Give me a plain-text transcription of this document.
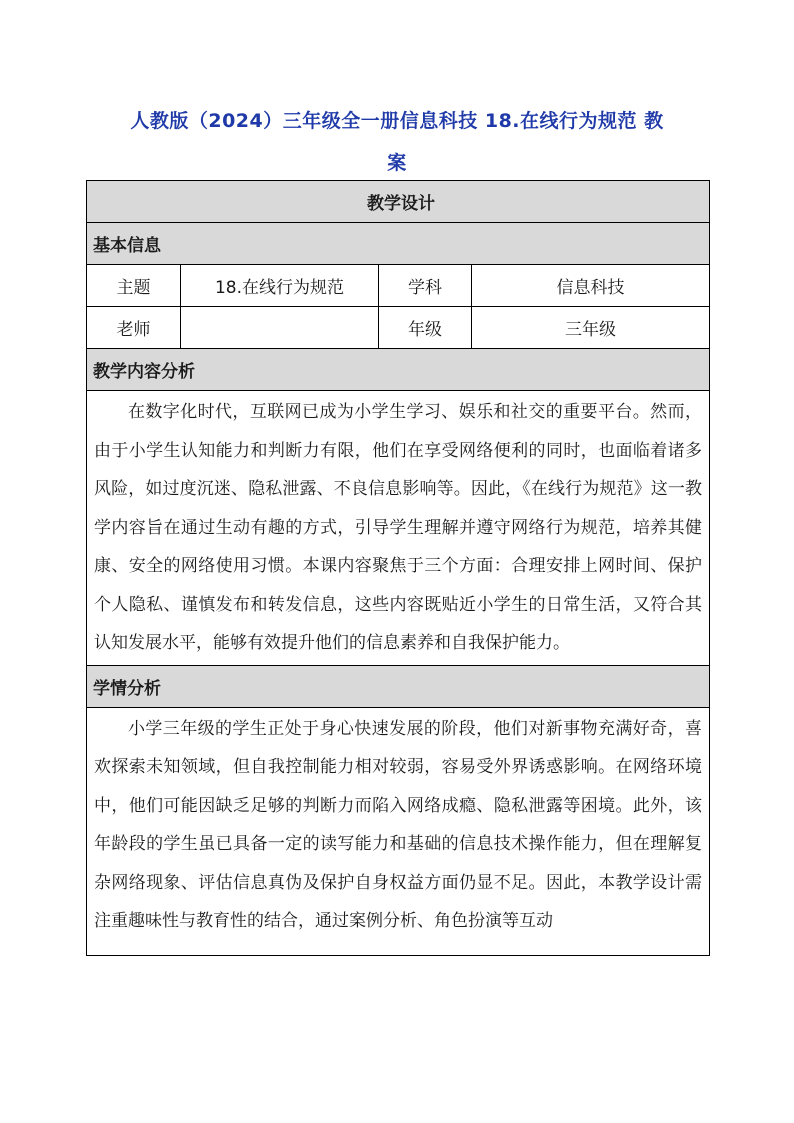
人教版（2024）三年级全一册信息科技 18.在线行为规范 教
案
教学设计			
基本信息			
主题	18.在线行为规范	学科	信息科技
老师		年级	三年级
教学内容分析			
在数字化时代，互联网已成为小学生学习、娱乐和社交的重要平台。然而，由于小学生认知能力和判断力有限，他们在享受网络便利的同时，也面临着诸多风险，如过度沉迷、隐私泄露、不良信息影响等。因此，《在线行为规范》这一教学内容旨在通过生动有趣的方式，引导学生理解并遵守网络行为规范，培养其健康、安全的网络使用习惯。本课内容聚焦于三个方面：合理安排上网时间、保护个人隐私、谨慎发布和转发信息，这些内容既贴近小学生的日常生活，又符合其认知发展水平，能够有效提升他们的信息素养和自我保护能力。			
学情分析			

小学三年级的学生正处于身心快速发展的阶段，他们对新事物充满好奇，喜欢探索未知领域，但自我控制能力相对较弱，容易受外界诱惑影响。在网络环境中，他们可能因缺乏足够的判断力而陷入网络成瘾、隐私泄露等困境。此外，该年龄段的学生虽已具备一定的读写能力和基础的信息技术操作能力，但在理解复杂网络现象、评估信息真伪及保护自身权益方面仍显不足。因此，本教学设计需注重趣味性与教育性的结合，通过案例分析、角色扮演等互动			
